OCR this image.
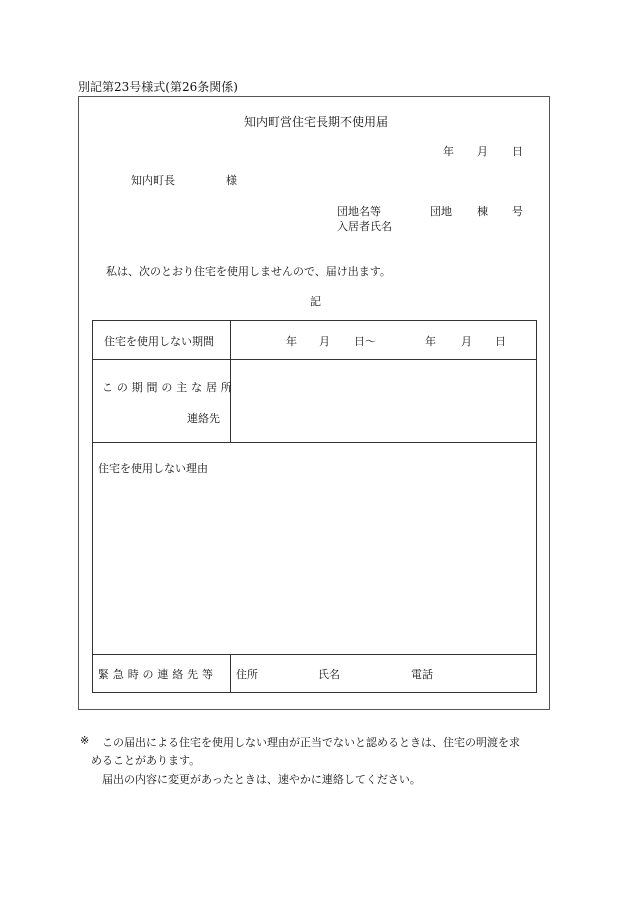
別記第23号様式(第26条関係)
知内町営住宅長期不使用届
年 月 日
知内町長	様
団地名等	団地 棟 号
入居者氏名
私は、次のとおり住宅を使用しませんので、届け出ます。
記
住宅を使用しない期間	年 月 日〜	年 月 日
この期間の主な居所
連絡先
住宅を使用しない理由
緊急時の連絡先等 住所	氏名	電話
※ この届出による住宅を使用しない理由が正当でないと認めるときは、住宅の明渡を求
めることがあります。
届出の内容に変更があったときは、速やかに連絡してください。
